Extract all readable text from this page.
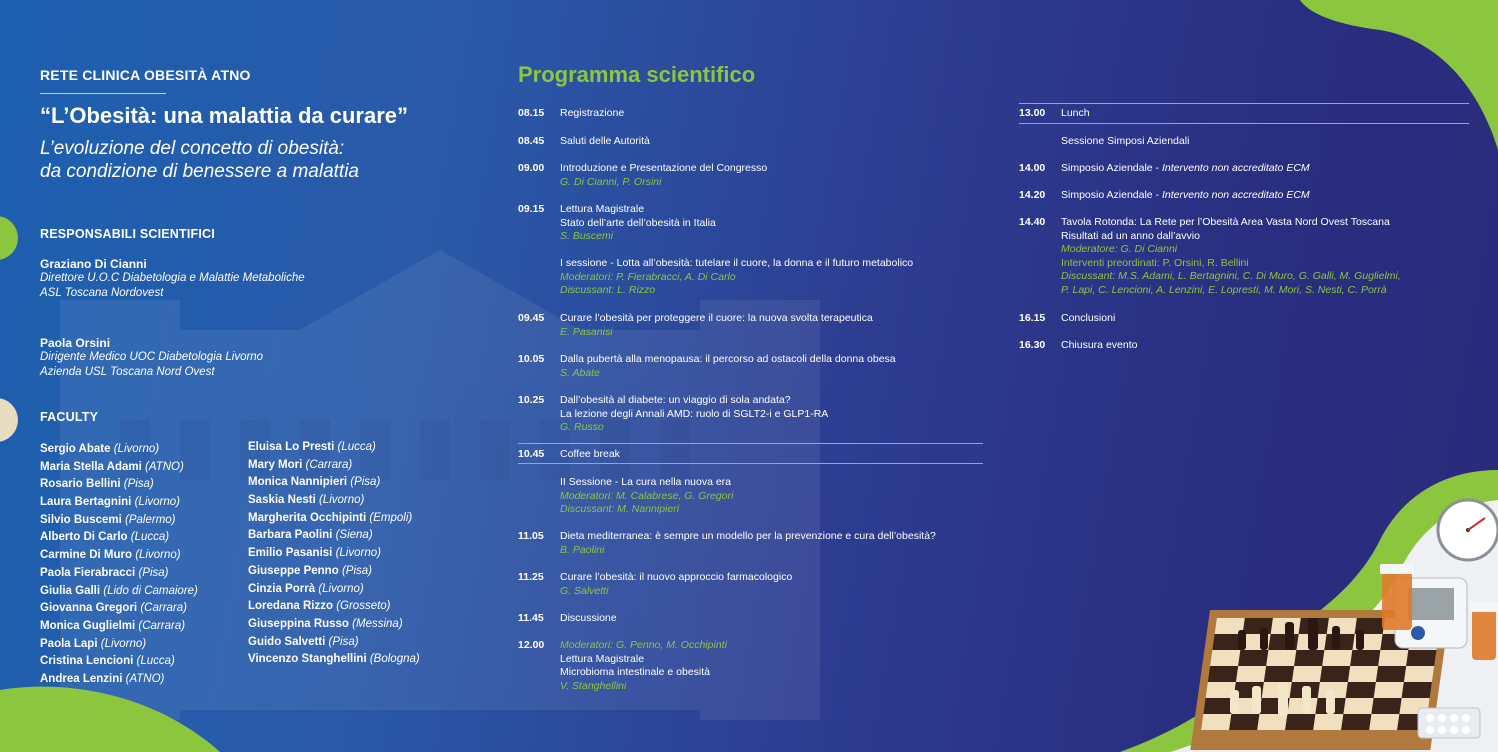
RETE CLINICA OBESITÀ ATNO
“L’Obesità: una malattia da curare”
L’evoluzione del concetto di obesità:
da condizione di benessere a malattia
RESPONSABILI SCIENTIFICI
Graziano Di Cianni
Direttore U.O.C Diabetologia e Malattie Metaboliche
ASL Toscana Nordovest
Paola Orsini
Dirigente Medico UOC Diabetologia Livorno
Azienda USL Toscana Nord Ovest
FACULTY
Sergio Abate (Livorno)
Maria Stella Adami (ATNO)
Rosario Bellini (Pisa)
Laura Bertagnini (Livorno)
Silvio Buscemi (Palermo)
Alberto Di Carlo (Lucca)
Carmine Di Muro (Livorno)
Paola Fierabracci (Pisa)
Giulia Galli (Lido di Camaiore)
Giovanna Gregori (Carrara)
Monica Guglielmi (Carrara)
Paola Lapi (Livorno)
Cristina Lencioni (Lucca)
Andrea Lenzini (ATNO)
Eluisa Lo Presti (Lucca)
Mary Mori (Carrara)
Monica Nannipieri (Pisa)
Saskia Nesti (Livorno)
Margherita Occhipinti (Empoli)
Barbara Paolini (Siena)
Emilio Pasanisi (Livorno)
Giuseppe Penno (Pisa)
Cinzia Porrà (Livorno)
Loredana Rizzo (Grosseto)
Giuseppina Russo (Messina)
Guido Salvetti (Pisa)
Vincenzo Stanghellini (Bologna)
Programma scientifico
08.15	Registrazione
08.45	Saluti delle Autorità
09.00	Introduzione e Presentazione del Congresso
G. Di Cianni, P. Orsini
09.15	Lettura Magistrale
Stato dell’arte dell’obesità in Italia
S. Buscemi
I sessione - Lotta all’obesità: tutelare il cuore, la donna e il futuro metabolico
Moderatori: P. Fierabracci, A. Di Carlo
Discussant: L. Rizzo
09.45	Curare l’obesità per proteggere il cuore: la nuova svolta terapeutica
E. Pasanisi
10.05	Dalla pubertà alla menopausa: il percorso ad ostacoli della donna obesa
S. Abate
10.25	Dall’obesità al diabete: un viaggio di sola andata?
La lezione degli Annali AMD: ruolo di SGLT2-i e GLP1-RA
G. Russo
10.45	Coffee break
II Sessione - La cura nella nuova era
Moderatori: M. Calabrese, G. Gregori
Discussant: M. Nannipieri
11.05	Dieta mediterranea: è sempre un modello per la prevenzione e cura dell’obesità?
B. Paolini
11.25	Curare l’obesità: il nuovo approccio farmacologico
G. Salvetti
11.45	Discussione
12.00	Moderatori: G. Penno, M. Occhipinti
Lettura Magistrale
Microbioma intestinale e obesità
V. Stanghellini
13.00	Lunch
Sessione Simposi Aziendali
14.00	Simposio Aziendale - Intervento non accreditato ECM
14.20	Simposio Aziendale - Intervento non accreditato ECM
14.40	Tavola Rotonda: La Rete per l’Obesità Area Vasta Nord Ovest Toscana
Risultati ad un anno dall’avvio
Moderatore: G. Di Cianni
Interventi preordinati: P. Orsini, R. Bellini
Discussant: M.S. Adami, L. Bertagnini, C. Di Muro, G. Galli, M. Guglielmi,
P. Lapi, C. Lencioni, A. Lenzini, E. Lopresti, M. Mori, S. Nesti, C. Porrà
16.15	Conclusioni
16.30	Chiusura evento
